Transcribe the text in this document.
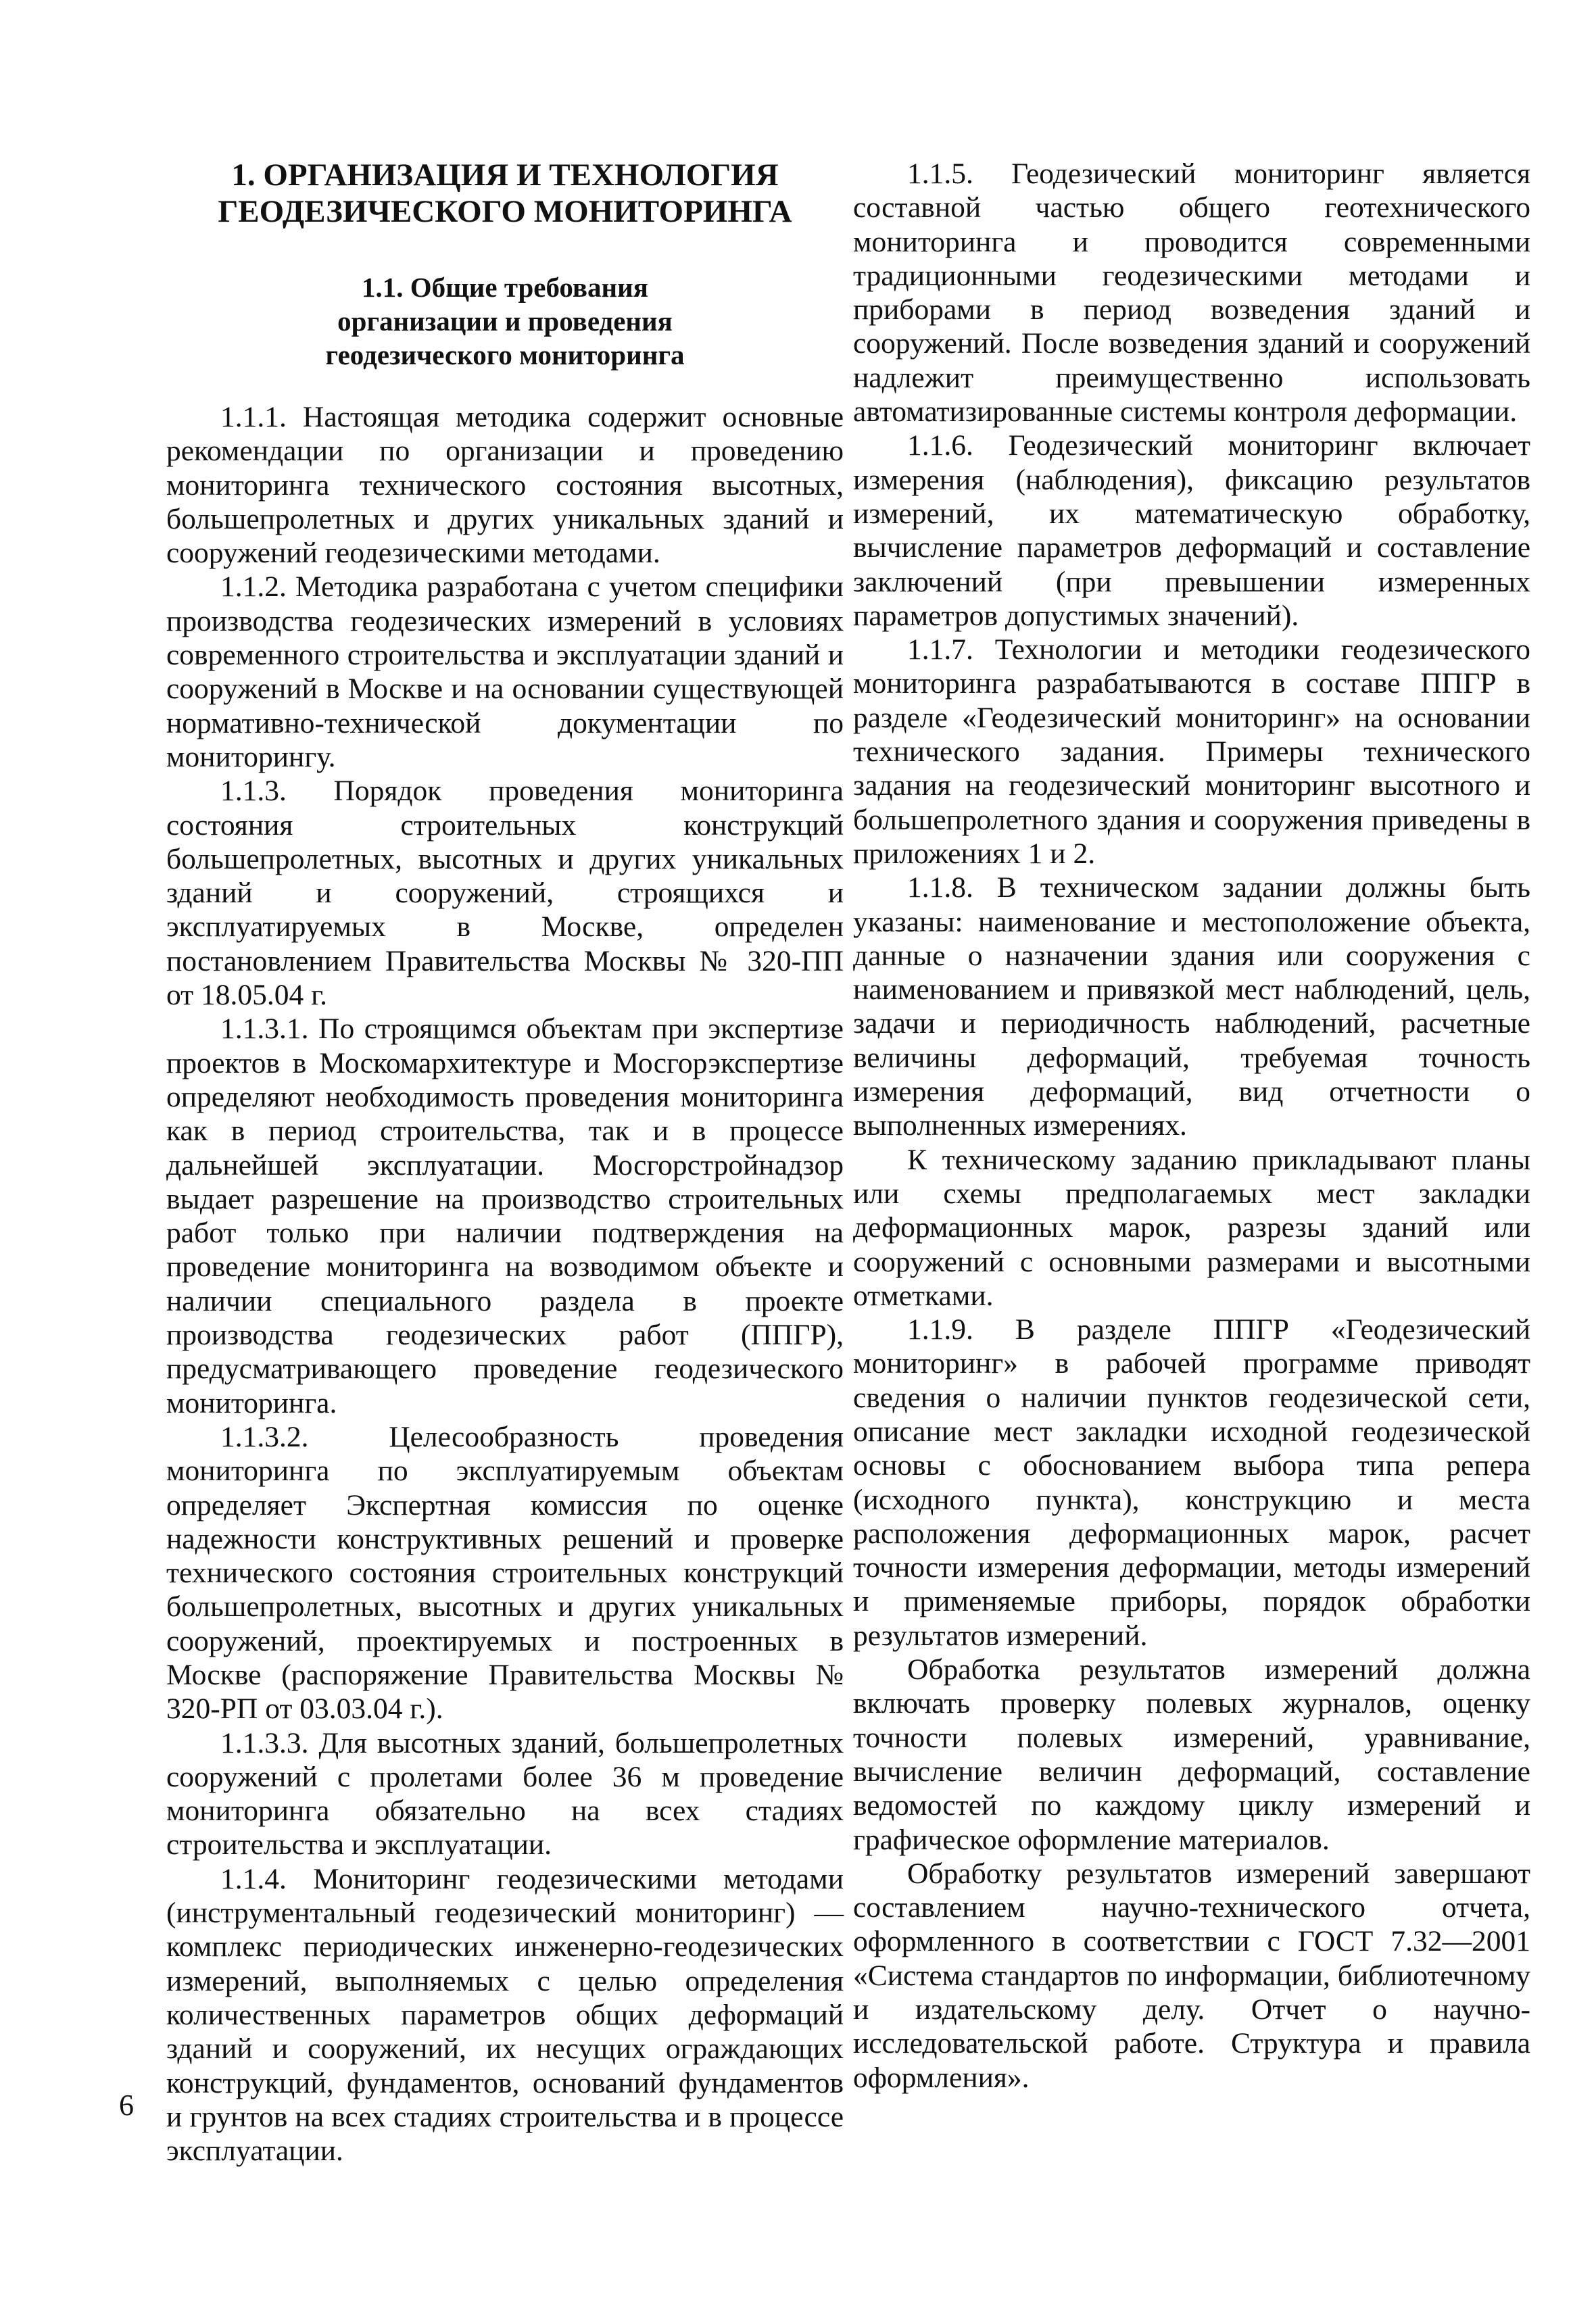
1. ОРГАНИЗАЦИЯ И ТЕХНОЛОГИЯ
ГЕОДЕЗИЧЕСКОГО МОНИТОРИНГА
1.1. Общие требования
организации и проведения
геодезического мониторинга

1.1.1. Настоящая методика содержит основные рекомендации по организации и проведению мониторинга технического состояния высотных, большепролетных и других уникальных зданий и сооружений геодезическими методами.

1.1.2. Методика разработана с учетом специфики производства геодезических измерений в условиях современного строительства и эксплуатации зданий и сооружений в Москве и на основании существующей нормативно-технической документации по мониторингу.

1.1.3. Порядок проведения мониторинга состояния строительных конструкций большепролетных, высотных и других уникальных зданий и сооружений, строящихся и эксплуатируемых в Москве, определен постановлением Правительства Москвы № 320-ПП от 18.05.04 г.

1.1.3.1. По строящимся объектам при экспертизе проектов в Москомархитектуре и Мосгорэкспертизе определяют необходимость проведения мониторинга как в период строительства, так и в процессе дальнейшей эксплуатации. Мосгорстройнадзор выдает разрешение на производство строительных работ только при наличии подтверждения на проведение мониторинга на возводимом объекте и наличии специального раздела в проекте производства геодезических работ (ППГР), предусматривающего проведение геодезического мониторинга.

1.1.3.2. Целесообразность проведения мониторинга по эксплуатируемым объектам определяет Экспертная комиссия по оценке надежности конструктивных решений и проверке технического состояния строительных конструкций большепролетных, высотных и других уникальных сооружений, проектируемых и построенных в Москве (распоряжение Правительства Москвы № 320-РП от 03.03.04 г.).

1.1.3.3. Для высотных зданий, большепролетных сооружений с пролетами более 36 м проведение мониторинга обязательно на всех стадиях строительства и эксплуатации.

1.1.4. Мониторинг геодезическими методами (инструментальный геодезический мониторинг) — комплекс периодических инженерно-геодезических измерений, выполняемых с целью определения количественных параметров общих деформаций зданий и сооружений, их несущих ограждающих конструкций, фундаментов, оснований фундаментов и грунтов на всех стадиях строительства и в процессе эксплуатации.

1.1.5. Геодезический мониторинг является составной частью общего геотехнического мониторинга и проводится современными традиционными геодезическими методами и приборами в период возведения зданий и сооружений. После возведения зданий и сооружений надлежит преимущественно использовать автоматизированные системы контроля деформации.

1.1.6. Геодезический мониторинг включает измерения (наблюдения), фиксацию результатов измерений, их математическую обработку, вычисление параметров деформаций и составление заключений (при превышении измеренных параметров допустимых значений).

1.1.7. Технологии и методики геодезического мониторинга разрабатываются в составе ППГР в разделе «Геодезический мониторинг» на основании технического задания. Примеры технического задания на геодезический мониторинг высотного и большепролетного здания и сооружения приведены в приложениях 1 и 2.

1.1.8. В техническом задании должны быть указаны: наименование и местоположение объекта, данные о назначении здания или сооружения с наименованием и привязкой мест наблюдений, цель, задачи и периодичность наблюдений, расчетные величины деформаций, требуемая точность измерения деформаций, вид отчетности о выполненных измерениях.

К техническому заданию прикладывают планы или схемы предполагаемых мест закладки деформационных марок, разрезы зданий или сооружений с основными размерами и высотными отметками.

1.1.9. В разделе ППГР «Геодезический мониторинг» в рабочей программе приводят сведения о наличии пунктов геодезической сети, описание мест закладки исходной геодезической основы с обоснованием выбора типа репера (исходного пункта), конструкцию и места расположения деформационных марок, расчет точности измерения деформации, методы измерений и применяемые приборы, порядок обработки результатов измерений.

Обработка результатов измерений должна включать проверку полевых журналов, оценку точности полевых измерений, уравнивание, вычисление величин деформаций, составление ведомостей по каждому циклу измерений и графическое оформление материалов.

Обработку результатов измерений завершают составлением научно-технического отчета, оформленного в соответствии с ГОСТ 7.32—2001 «Система стандартов по информации, библиотечному и издательскому делу. Отчет о научно-исследовательской работе. Структура и правила оформления».

6
